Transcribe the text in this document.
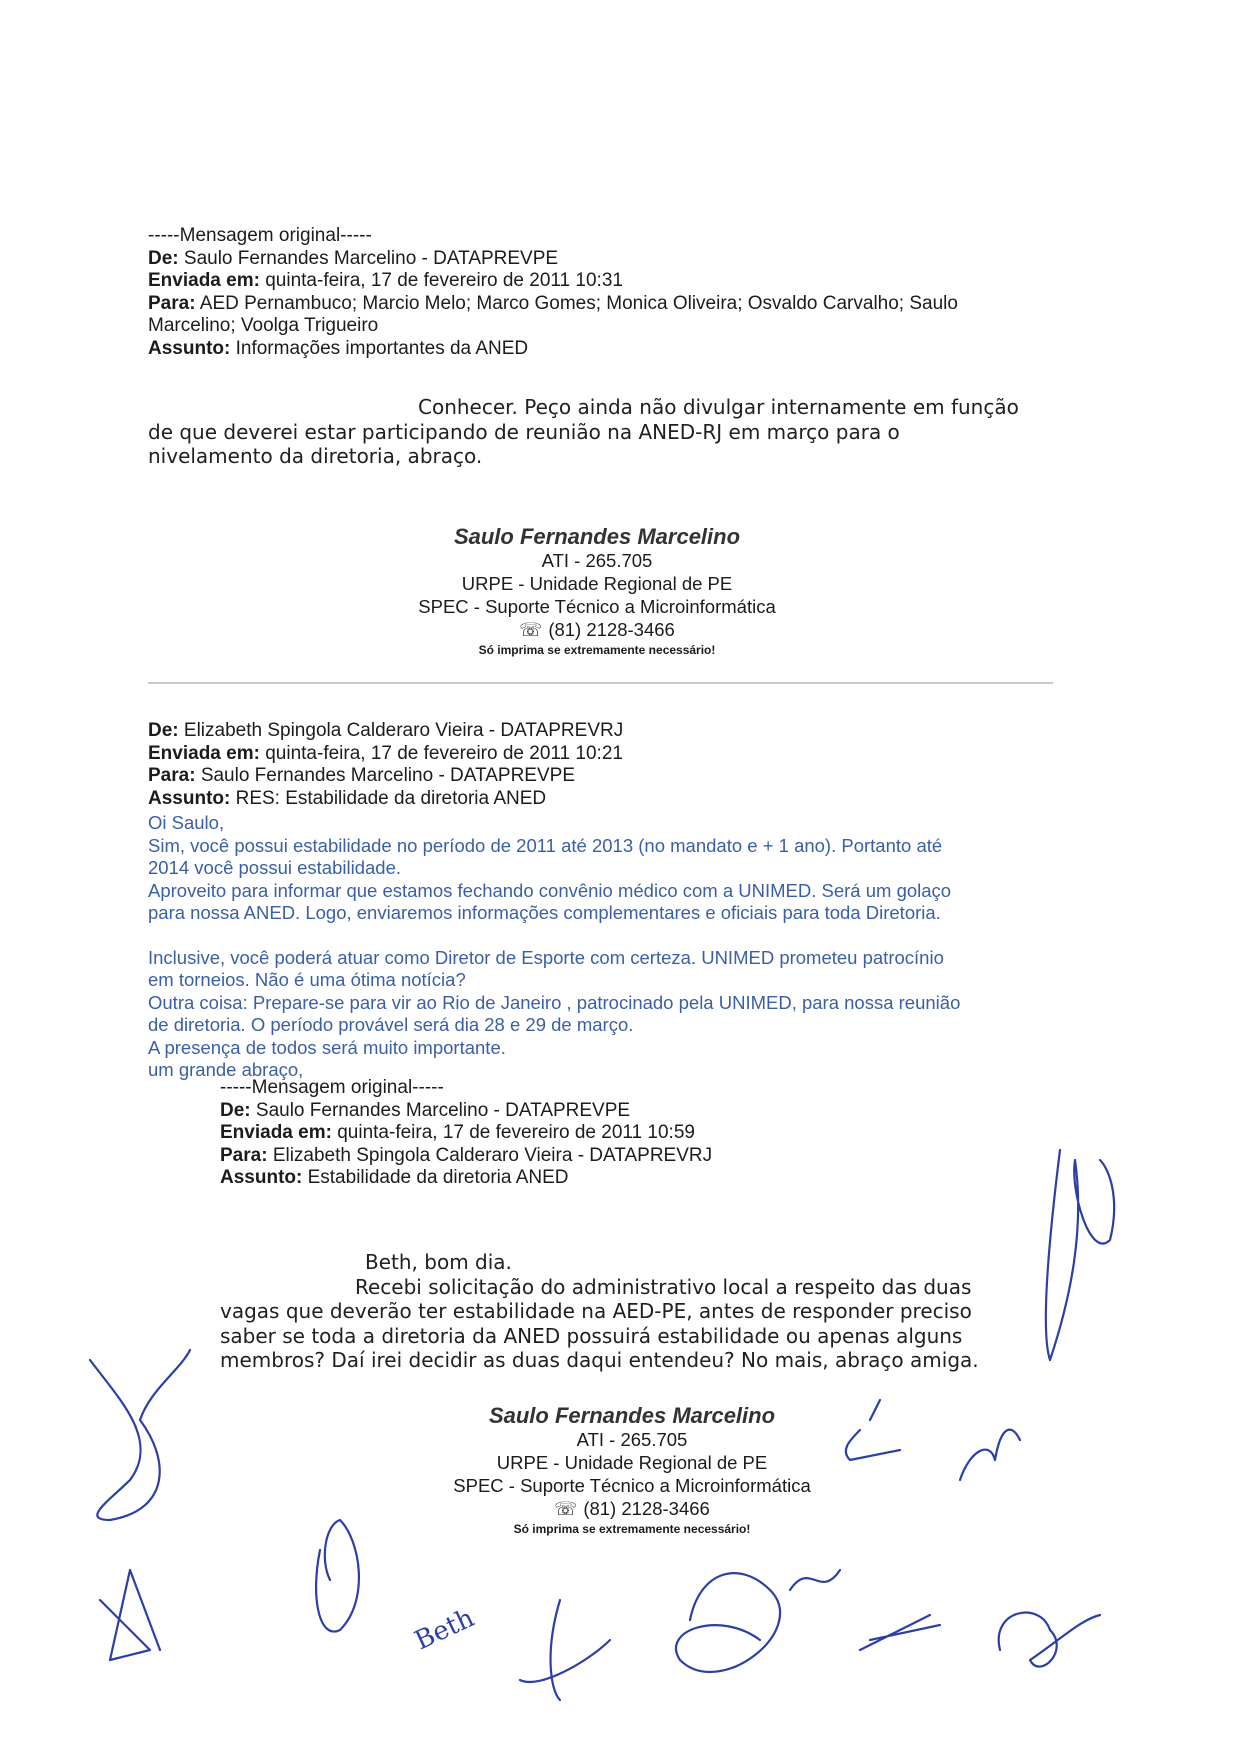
-----Mensagem original-----
De: Saulo Fernandes Marcelino - DATAPREVPE
Enviada em: quinta-feira, 17 de fevereiro de 2011 10:31
Para: AED Pernambuco; Marcio Melo; Marco Gomes; Monica Oliveira; Osvaldo Carvalho; Saulo
Marcelino; Voolga Trigueiro
Assunto: Informações importantes da ANED
Conhecer. Peço ainda não divulgar internamente em função
de que deverei estar participando de reunião na ANED-RJ em março para o
nivelamento da diretoria, abraço.
Saulo Fernandes Marcelino
ATI - 265.705
URPE - Unidade Regional de PE
SPEC - Suporte Técnico a Microinformática
☏ (81) 2128-3466
Só imprima se extremamente necessário!
De: Elizabeth Spingola Calderaro Vieira - DATAPREVRJ
Enviada em: quinta-feira, 17 de fevereiro de 2011 10:21
Para: Saulo Fernandes Marcelino - DATAPREVPE
Assunto: RES: Estabilidade da diretoria ANED
Oi Saulo,
Sim, você possui estabilidade no período de 2011 até 2013 (no mandato e + 1 ano). Portanto até
2014 você possui estabilidade.
Aproveito para informar que estamos fechando convênio médico com a UNIMED. Será um golaço
para nossa ANED. Logo, enviaremos informações complementares e oficiais para toda Diretoria.
Inclusive, você poderá atuar como Diretor de Esporte com certeza. UNIMED prometeu patrocínio
em torneios. Não é uma ótima notícia?
Outra coisa: Prepare-se para vir ao Rio de Janeiro , patrocinado pela UNIMED, para nossa reunião
de diretoria. O período provável será dia 28 e 29 de março.
A presença de todos será muito importante.
um grande abraço,
-----Mensagem original-----
De: Saulo Fernandes Marcelino - DATAPREVPE
Enviada em: quinta-feira, 17 de fevereiro de 2011 10:59
Para: Elizabeth Spingola Calderaro Vieira - DATAPREVRJ
Assunto: Estabilidade da diretoria ANED
Beth, bom dia.
Recebi solicitação do administrativo local a respeito das duas
vagas que deverão ter estabilidade na AED-PE, antes de responder preciso
saber se toda a diretoria da ANED possuirá estabilidade ou apenas alguns
membros? Daí irei decidir as duas daqui entendeu? No mais, abraço amiga.
Saulo Fernandes Marcelino
ATI - 265.705
URPE - Unidade Regional de PE
SPEC - Suporte Técnico a Microinformática
☏ (81) 2128-3466
Só imprima se extremamente necessário!
Beth
